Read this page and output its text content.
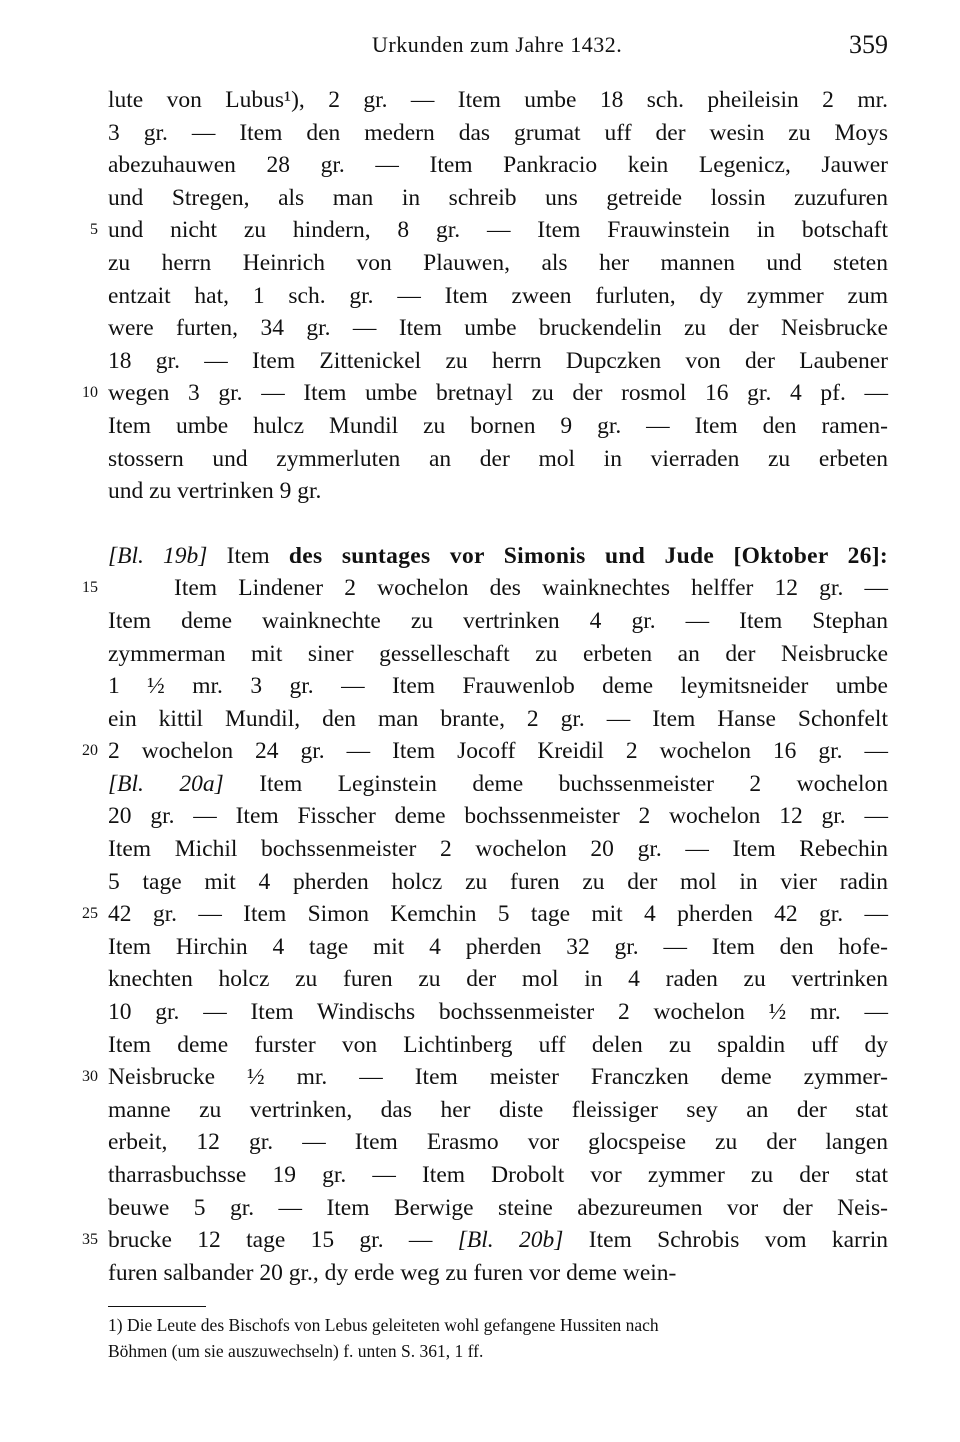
Urkunden zum Jahre 1432.	359
lute von Lubus¹), 2 gr. — Item umbe 18 sch. pheileisin 2 mr.
3 gr. — Item den medern das grumat uff der wesin zu Moys
abezuhauwen 28 gr. — Item Pankracio kein Legenicz, Jauwer
und Stregen, als man in schreib uns getreide lossin zuzufuren
5 und nicht zu hindern, 8 gr. — Item Frauwinstein in botschaft
zu herrn Heinrich von Plauwen, als her mannen und steten
entzait hat, 1 sch. gr. — Item zween furluten, dy zymmer zum
were furten, 34 gr. — Item umbe bruckendelin zu der Neisbrucke
18 gr. — Item Zittenickel zu herrn Dupczken von der Laubener
10 wegen 3 gr. — Item umbe bretnayl zu der rosmol 16 gr. 4 pf. —
Item umbe hulcz Mundil zu bornen 9 gr. — Item den ramen-
stossern und zymmerluten an der mol in vierraden zu erbeten
und zu vertrinken 9 gr.
[Bl. 19b] Item des suntages vor Simonis und Jude [Oktober 26]:
15	Item Lindener 2 wochelon des wainknechtes helffer 12 gr. —
Item deme wainknechte zu vertrinken 4 gr. — Item Stephan
zymmerman mit siner gesselleschaft zu erbeten an der Neisbrucke
1 ½ mr. 3 gr. — Item Frauwenlob deme leymitsneider umbe
ein kittil Mundil, den man brante, 2 gr. — Item Hanse Schonfelt
20 2 wochelon 24 gr. — Item Jocoff Kreidil 2 wochelon 16 gr. —
[Bl. 20a] Item Leginstein deme buchssenmeister 2 wochelon
20 gr. — Item Fisscher deme bochssenmeister 2 wochelon 12 gr. —
Item Michil bochssenmeister 2 wochelon 20 gr. — Item Rebechin
5 tage mit 4 pherden holcz zu furen zu der mol in vier radin
25 42 gr. — Item Simon Kemchin 5 tage mit 4 pherden 42 gr. —
Item Hirchin 4 tage mit 4 pherden 32 gr. — Item den hofe-
knechten holcz zu furen zu der mol in 4 raden zu vertrinken
10 gr. — Item Windischs bochssenmeister 2 wochelon ½ mr. —
Item deme furster von Lichtinberg uff delen zu spaldin uff dy
30 Neisbrucke ½ mr. — Item meister Franczken deme zymmer-
manne zu vertrinken, das her diste fleissiger sey an der stat
erbeit, 12 gr. — Item Erasmo vor glocspeise zu der langen
tharrasbuchsse 19 gr. — Item Drobolt vor zymmer zu der stat
beuwe 5 gr. — Item Berwige steine abezureumen vor der Neis-
35 brucke 12 tage 15 gr. — [Bl. 20b] Item Schrobis vom karrin
furen salbander 20 gr., dy erde weg zu furen vor deme wein-
1) Die Leute des Bischofs von Lebus geleiteten wohl gefangene Hussiten nach
Böhmen (um sie auszuwechseln) f. unten S. 361, 1 ff.
